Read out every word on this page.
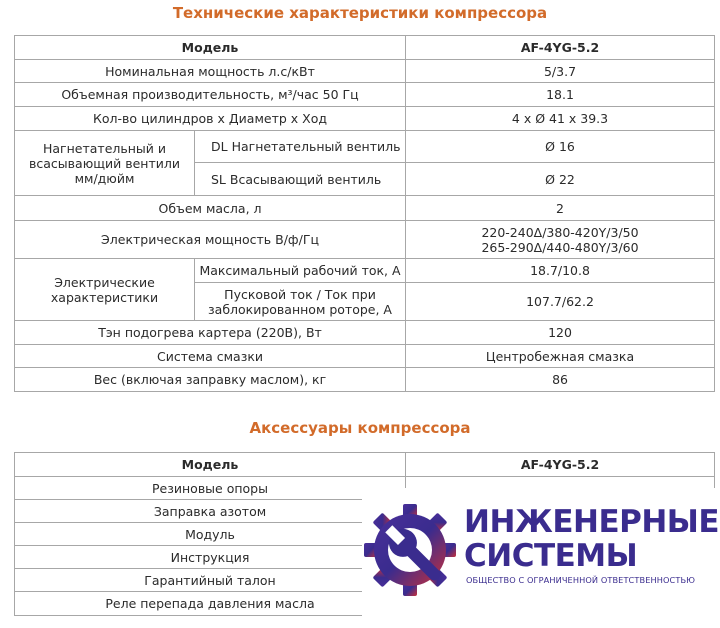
Технические характеристики компрессора
Модель		AF-4YG-5.2
Номинальная мощность л.с/кВт		5/3.7
Объемная производительность, м³/час 50 Гц		18.1
Кол-во цилиндров х Диаметр х Ход		4 х Ø 41 х 39.3
Нагнетательный и всасывающий вентили мм/дюйм	DL Нагнетательный вентиль	Ø 16
	SL Всасывающий вентиль	Ø 22
Объем масла, л		2
Электрическая мощность В/ф/Гц		220-240Δ/380-420Y/3/50
265-290Δ/440-480Y/3/60

Электрические характеристики	Максимальный рабочий ток, А	18.7/10.8
	Пусковой ток / Ток при заблокированном роторе, А	107.7/62.2
Тэн подогрева картера (220В), Вт		120
Система смазки		Центробежная смазка
Вес (включая заправку маслом), кг		86
Аксессуары компрессора
Модель	AF-4YG-5.2
Резиновые опоры	
Заправка азотом	
Модуль	
Инструкция	
Гарантийный талон	
Реле перепада давления масла	
ИНЖЕНЕРНЫЕ
СИСТЕМЫ
ОБЩЕСТВО С ОГРАНИЧЕННОЙ ОТВЕТСТВЕННОСТЬЮ
